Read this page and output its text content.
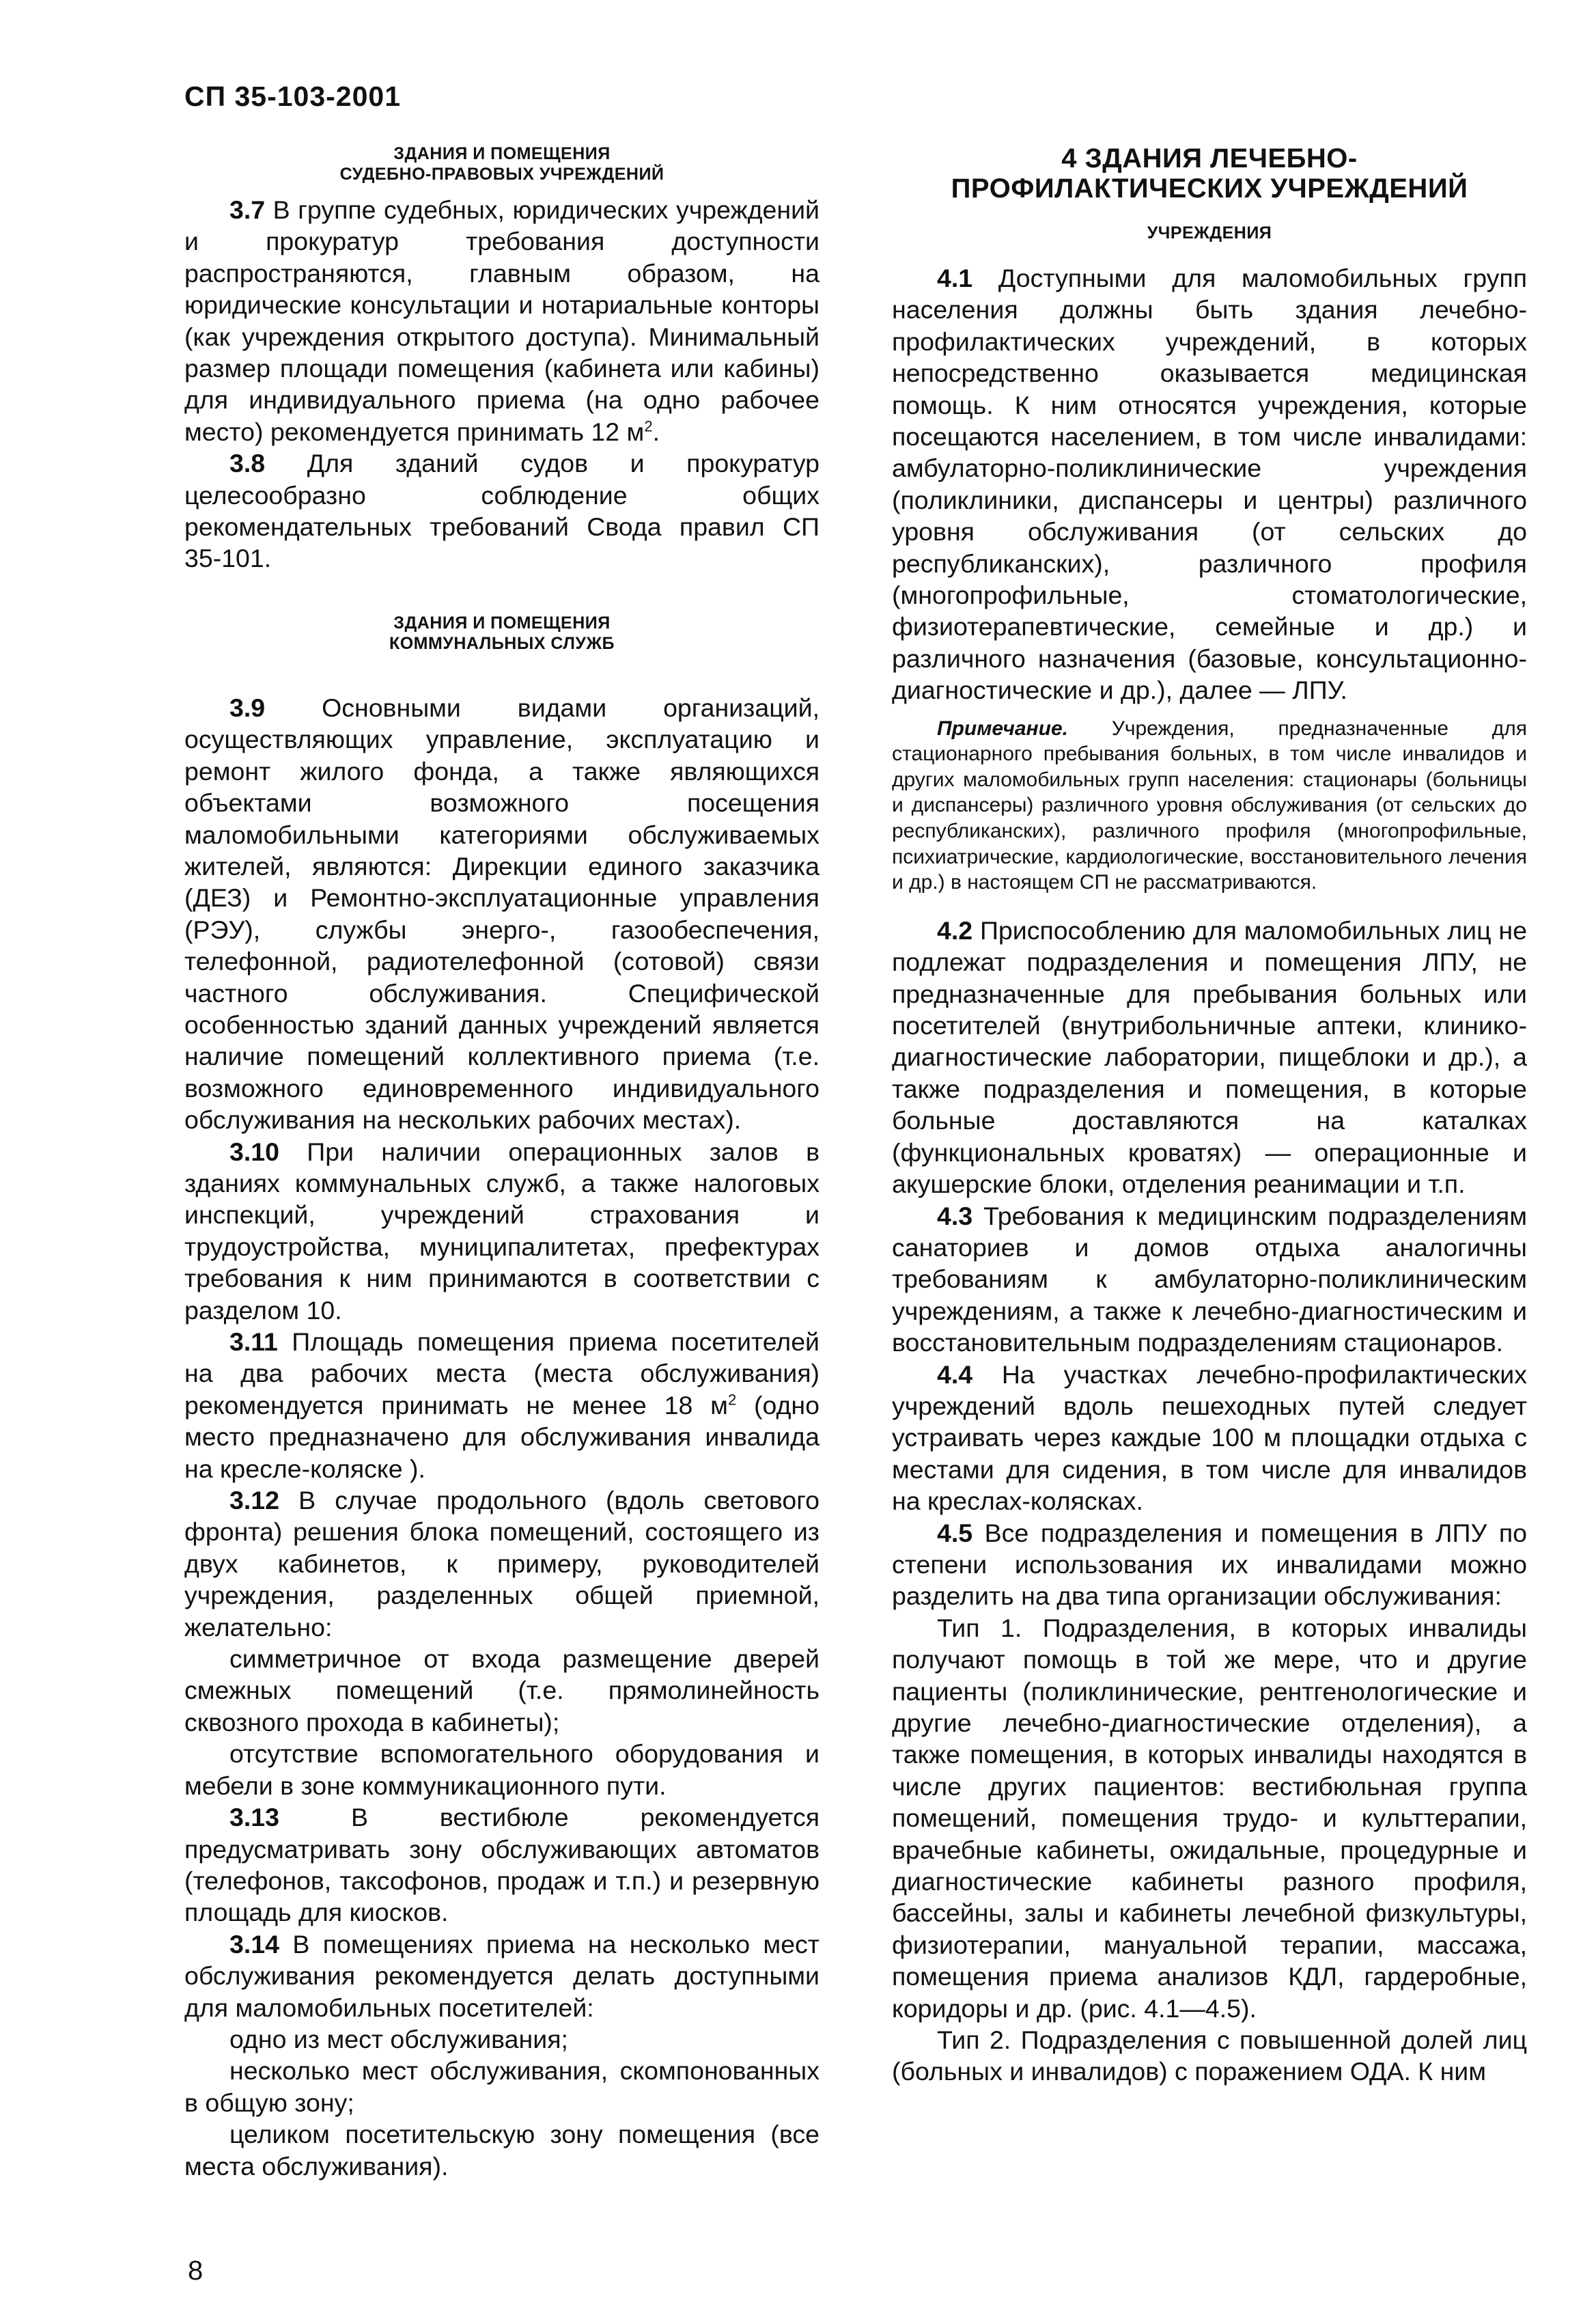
СП 35-103-2001
ЗДАНИЯ И ПОМЕЩЕНИЯ
СУДЕБНО-ПРАВОВЫХ УЧРЕЖДЕНИЙ

3.7 В группе судебных, юридических учреждений и прокуратур требования доступности распространяются, главным образом, на юридические консультации и нотариальные конторы (как учреждения открытого доступа). Минимальный размер площади помещения (кабинета или кабины) для индивидуального приема (на одно рабочее место) рекомендуется принимать 12 $м^2$.

3.8 Для зданий судов и прокуратур целесообразно соблюдение общих рекомендательных требований Свода правил СП 35-101.

ЗДАНИЯ И ПОМЕЩЕНИЯ
КОММУНАЛЬНЫХ СЛУЖБ

3.9 Основными видами организаций, осуществляющих управление, эксплуатацию и ремонт жилого фонда, а также являющихся объектами возможного посещения маломобильными категориями обслуживаемых жителей, являются: Дирекции единого заказчика (ДЕЗ) и Ремонтно-эксплуатационные управления (РЭУ), службы энерго-, газообеспечения, телефонной, радиотелефонной (сотовой) связи частного обслуживания. Специфической особенностью зданий данных учреждений является наличие помещений коллективного приема (т.е. возможного единовременного индивидуального обслуживания на нескольких рабочих местах).

3.10 При наличии операционных залов в зданиях коммунальных служб, а также налоговых инспекций, учреждений страхования и трудоустройства, муниципалитетах, префектурах требования к ним принимаются в соответствии с разделом 10.

3.11 Площадь помещения приема посетителей на два рабочих места (места обслуживания) рекомендуется принимать не менее 18 $м^2$ (одно место предназначено для обслуживания инвалида на кресле-коляске ).

3.12 В случае продольного (вдоль светового фронта) решения блока помещений, состоящего из двух кабинетов, к примеру, руководителей учреждения, разделенных общей приемной, желательно:

симметричное от входа размещение дверей смежных помещений (т.е. прямолинейность сквозного прохода в кабинеты);

отсутствие вспомогательного оборудования и мебели в зоне коммуникационного пути.

3.13 В вестибюле рекомендуется предусматривать зону обслуживающих автоматов (телефонов, таксофонов, продаж и т.п.) и резервную площадь для киосков.

3.14 В помещениях приема на несколько мест обслуживания рекомендуется делать доступными для маломобильных посетителей:

одно из мест обслуживания;

несколько мест обслуживания, скомпонованных в общую зону;

целиком посетительскую зону помещения (все места обслуживания).

4 ЗДАНИЯ ЛЕЧЕБНО-
ПРОФИЛАКТИЧЕСКИХ УЧРЕЖДЕНИЙ
УЧРЕЖДЕНИЯ

4.1 Доступными для маломобильных групп населения должны быть здания лечебно-профилактических учреждений, в которых непосредственно оказывается медицинская помощь. К ним относятся учреждения, которые посещаются населением, в том числе инвалидами: амбулаторно-поликлинические учреждения (поликлиники, диспансеры и центры) различного уровня обслуживания (от сельских до республиканских), различного профиля (многопрофильные, стоматологические, физиотерапевтические, семейные и др.) и различного назначения (базовые, консультационно-диагностические и др.), далее — ЛПУ.

Примечание. Учреждения, предназначенные для стационарного пребывания больных, в том числе инвалидов и других маломобильных групп населения: стационары (больницы и диспансеры) различного уровня обслуживания (от сельских до республиканских), различного профиля (многопрофильные, психиатрические, кардиологические, восстановительного лечения и др.) в настоящем СП не рассматриваются.

4.2 Приспособлению для маломобильных лиц не подлежат подразделения и помещения ЛПУ, не предназначенные для пребывания больных или посетителей (внутрибольничные аптеки, клинико-диагностические лаборатории, пищеблоки и др.), а также подразделения и помещения, в которые больные доставляются на каталках (функциональных кроватях) — операционные и акушерские блоки, отделения реанимации и т.п.

4.3 Требования к медицинским подразделениям санаториев и домов отдыха аналогичны требованиям к амбулаторно-поликлиническим учреждениям, а также к лечебно-диагностическим и восстановительным подразделениям стационаров.

4.4 На участках лечебно-профилактических учреждений вдоль пешеходных путей следует устраивать через каждые 100 м площадки отдыха с местами для сидения, в том числе для инвалидов на креслах-колясках.

4.5 Все подразделения и помещения в ЛПУ по степени использования их инвалидами можно разделить на два типа организации обслуживания:

Тип 1. Подразделения, в которых инвалиды получают помощь в той же мере, что и другие пациенты (поликлинические, рентгенологические и другие лечебно-диагностические отделения), а также помещения, в которых инвалиды находятся в числе других пациентов: вестибюльная группа помещений, помещения трудо- и культтерапии, врачебные кабинеты, ожидальные, процедурные и диагностические кабинеты разного профиля, бассейны, залы и кабинеты лечебной физкультуры, физиотерапии, мануальной терапии, массажа, помещения приема анализов КДЛ, гардеробные, коридоры и др. (рис. 4.1—4.5).

Тип 2. Подразделения с повышенной долей лиц (больных и инвалидов) с поражением ОДА. К ним

8
